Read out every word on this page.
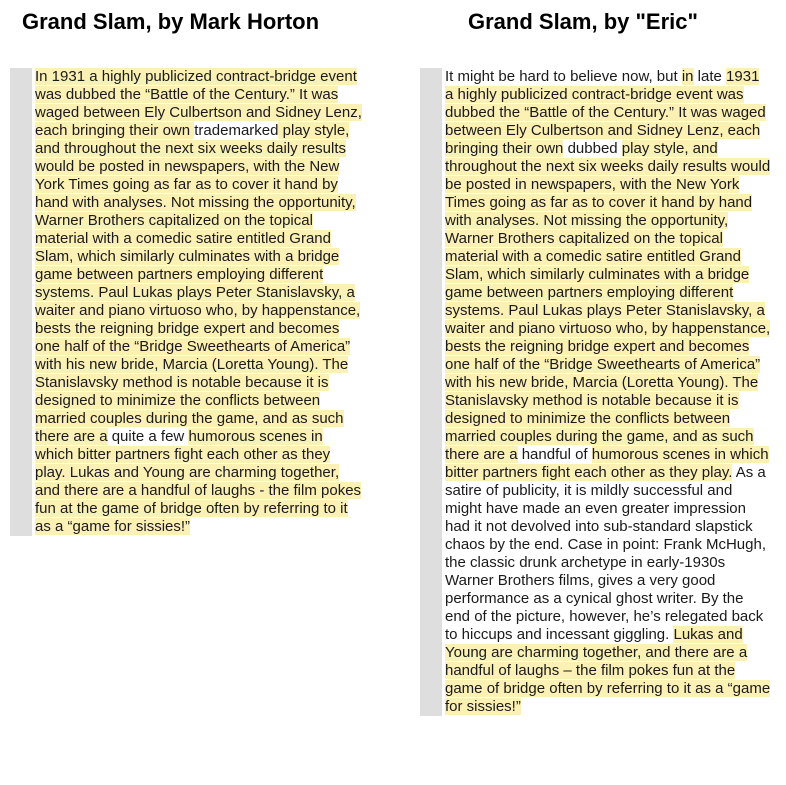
Grand Slam, by Mark Horton	Grand Slam, by "Eric"

In 1931 a highly publicized contract-bridge event was dubbed the “Battle of the Century.” It was waged between Ely Culbertson and Sidney Lenz, each bringing their own trademarked play style, and throughout the next six weeks daily results would be posted in newspapers, with the New York Times going as far as to cover it hand by hand with analyses. Not missing the opportunity, Warner Brothers capitalized on the topical material with a comedic satire entitled Grand Slam, which similarly culminates with a bridge game between partners employing different systems. Paul Lukas plays Peter Stanislavsky, a waiter and piano virtuoso who, by happenstance, bests the reigning bridge expert and becomes one half of the “Bridge Sweethearts of America” with his new bride, Marcia (Loretta Young). The Stanislavsky method is notable because it is designed to minimize the conflicts between married couples during the game, and as such there are a quite a few humorous scenes in which bitter partners fight each other as they play. Lukas and Young are charming together, and there are a handful of laughs - the film pokes fun at the game of bridge often by referring to it as a “game for sissies!”

It might be hard to believe now, but in late 1931 a highly publicized contract-bridge event was dubbed the “Battle of the Century.” It was waged between Ely Culbertson and Sidney Lenz, each bringing their own dubbed play style, and throughout the next six weeks daily results would be posted in newspapers, with the New York Times going as far as to cover it hand by hand with analyses. Not missing the opportunity, Warner Brothers capitalized on the topical material with a comedic satire entitled Grand Slam, which similarly culminates with a bridge game between partners employing different systems. Paul Lukas plays Peter Stanislavsky, a waiter and piano virtuoso who, by happenstance, bests the reigning bridge expert and becomes one half of the “Bridge Sweethearts of America” with his new bride, Marcia (Loretta Young). The Stanislavsky method is notable because it is designed to minimize the conflicts between married couples during the game, and as such there are a handful of humorous scenes in which bitter partners fight each other as they play. As a satire of publicity, it is mildly successful and might have made an even greater impression had it not devolved into sub-standard slapstick chaos by the end. Case in point: Frank McHugh, the classic drunk archetype in early-1930s Warner Brothers films, gives a very good performance as a cynical ghost writer. By the end of the picture, however, he’s relegated back to hiccups and incessant giggling. Lukas and Young are charming together, and there are a handful of laughs – the film pokes fun at the game of bridge often by referring to it as a “game for sissies!”
